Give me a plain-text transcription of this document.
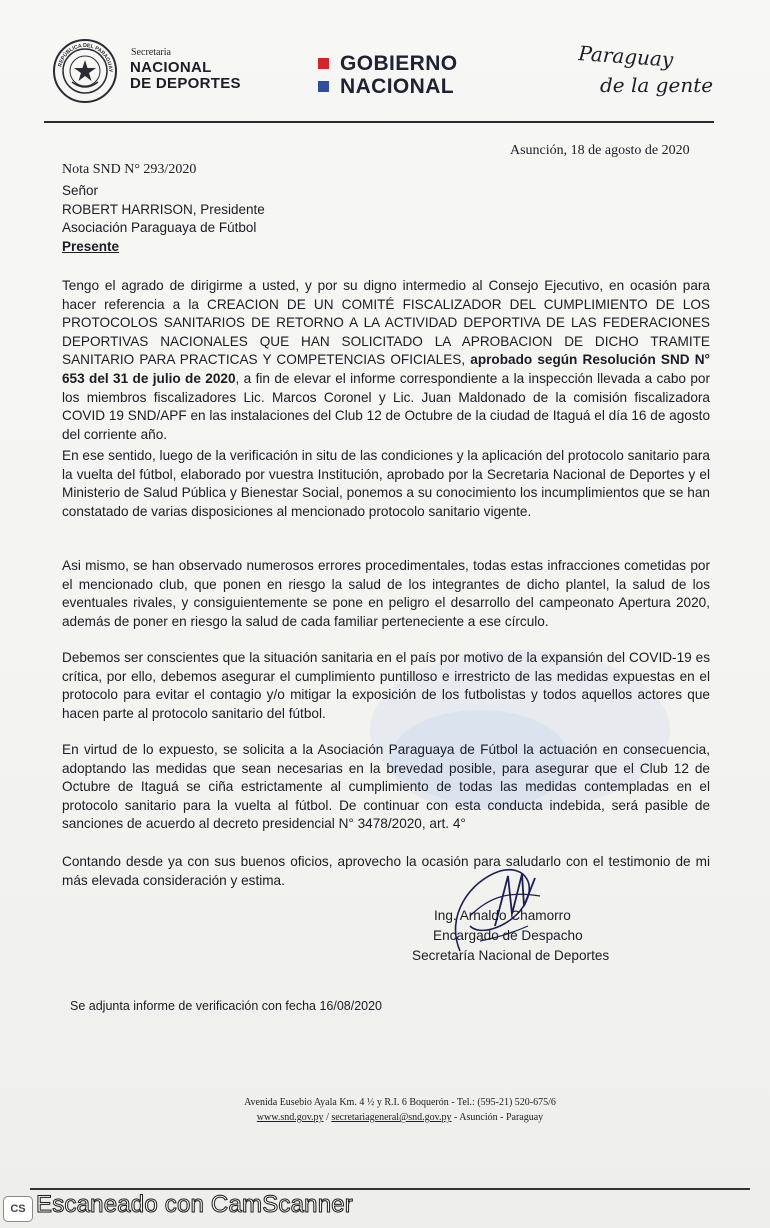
REPÚBLICA DEL PARAGUAY
Secretaria
NACIONAL
DE DEPORTES
GOBIERNO
NACIONAL
Paraguay
de la gente
Asunción, 18 de agosto de 2020
Nota SND N° 293/2020
Señor
ROBERT HARRISON, Presidente
Asociación Paraguaya de Fútbol
Presente
Tengo el agrado de dirigirme a usted, y por su digno intermedio al Consejo Ejecutivo, en ocasión para hacer referencia a la CREACION DE UN COMITÉ FISCALIZADOR DEL CUMPLIMIENTO DE LOS PROTOCOLOS SANITARIOS DE RETORNO A LA ACTIVIDAD DEPORTIVA DE LAS FEDERACIONES DEPORTIVAS NACIONALES QUE HAN SOLICITADO LA APROBACION DE DICHO TRAMITE SANITARIO PARA PRACTICAS Y COMPETENCIAS OFICIALES, aprobado según Resolución SND N° 653 del 31 de julio de 2020, a fin de elevar el informe correspondiente a la inspección llevada a cabo por los miembros fiscalizadores Lic. Marcos Coronel y Lic. Juan Maldonado de la comisión fiscalizadora COVID 19 SND/APF en las instalaciones del Club 12 de Octubre de la ciudad de Itaguá el día 16 de agosto del corriente año.
En ese sentido, luego de la verificación in situ de las condiciones y la aplicación del protocolo sanitario para la vuelta del fútbol, elaborado por vuestra Institución, aprobado por la Secretaria Nacional de Deportes y el Ministerio de Salud Pública y Bienestar Social, ponemos a su conocimiento los incumplimientos que se han constatado de varias disposiciones al mencionado protocolo sanitario vigente.
Asi mismo, se han observado numerosos errores procedimentales, todas estas infracciones cometidas por el mencionado club, que ponen en riesgo la salud de los integrantes de dicho plantel, la salud de los eventuales rivales, y consiguientemente se pone en peligro el desarrollo del campeonato Apertura 2020, además de poner en riesgo la salud de cada familiar perteneciente a ese círculo.
Debemos ser conscientes que la situación sanitaria en el país por motivo de la expansión del COVID-19 es crítica, por ello, debemos asegurar el cumplimiento puntilloso e irrestricto de las medidas expuestas en el protocolo para evitar el contagio y/o mitigar la exposición de los futbolistas y todos aquellos actores que hacen parte al protocolo sanitario del fútbol.
En virtud de lo expuesto, se solicita a la Asociación Paraguaya de Fútbol la actuación en consecuencia, adoptando las medidas que sean necesarias en la brevedad posible, para asegurar que el Club 12 de Octubre de Itaguá se ciña estrictamente al cumplimiento de todas las medidas contempladas en el protocolo sanitario para la vuelta al fútbol. De continuar con esta conducta indebida, será pasible de sanciones de acuerdo al decreto presidencial N° 3478/2020, art. 4°
Contando desde ya con sus buenos oficios, aprovecho la ocasión para saludarlo con el testimonio de mi más elevada consideración y estima.
Ing. Arnaldo Chamorro
Encargado de Despacho
Secretaría Nacional de Deportes
Se adjunta informe de verificación con fecha 16/08/2020
Avenida Eusebio Ayala Km. 4 ½ y R.I. 6 Boquerón - Tel.: (595-21) 520-675/6
www.snd.gov.py / secretariageneral@snd.gov.py - Asunción - Paraguay
CS Escaneado con CamScanner
